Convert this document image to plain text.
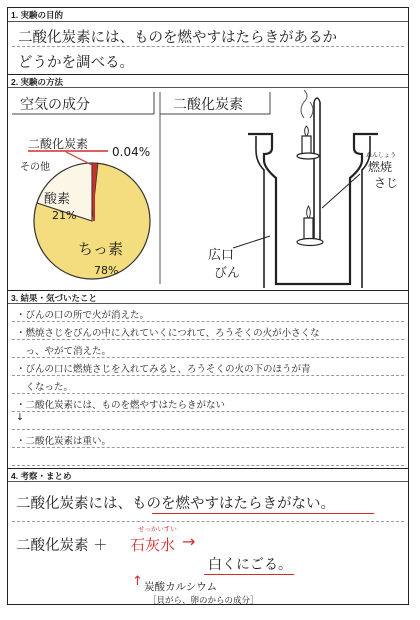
1. 実験の目的
二酸化炭素には、ものを燃やすはたらきがあるか
どうかを調べる。
2. 実験の方法
空気の成分	二酸化炭素
二酸化炭素
0.04%
その他
酸素
21%
ちっ素
78%
ねんしょう
燃焼
さじ
広口
びん
3. 結果・気づいたこと
・びんの口の所で火が消えた。
・燃焼さじをびんの中に入れていくにつれて、ろうそくの火が小さくな
　っ、やがて消えた。
・びんの口に燃焼さじを入れてみると、ろうそくの火の下のほうが青
　くなった。
・二酸化炭素には、ものを燃やすはたらきがない
↓
・二酸化炭素は重い。
4. 考察・まとめ
二酸化炭素には、ものを燃やすはたらきがない。
せっかいすい
二酸化炭素 ＋ 石灰水 →
白くにごる。
↑ 炭酸カルシウム
［貝がら、卵のからの成分］
